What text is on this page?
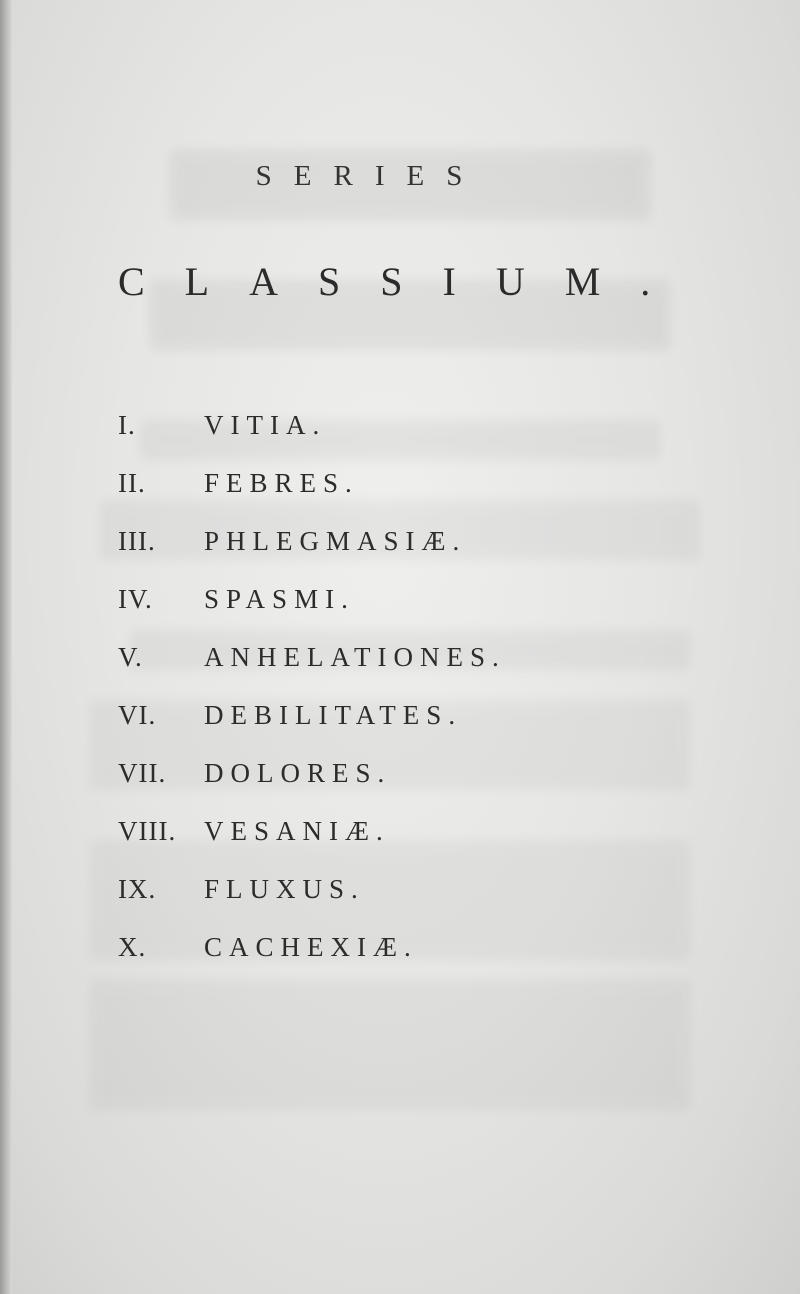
SERIES
CLASSIUM.
I.	VITIA.
II.	FEBRES.
III.	PHLEGMASIÆ.
IV.	SPASMI.
V.	ANHELATIONES.
VI.	DEBILITATES.
VII.	DOLORES.
VIII.	VESANIÆ.
IX.	FLUXUS.
X.	CACHEXIÆ.
